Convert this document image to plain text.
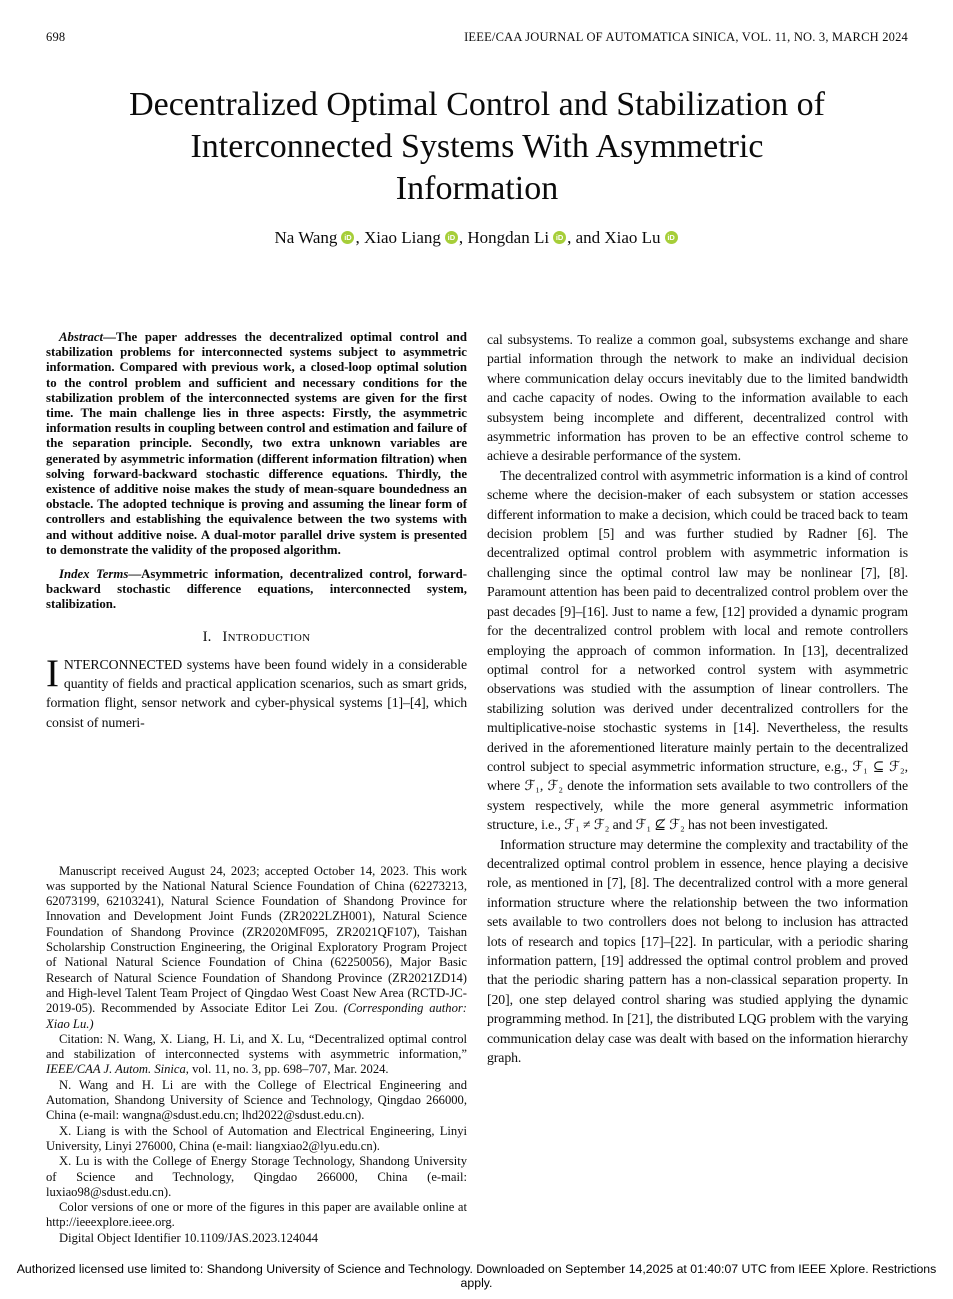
698	IEEE/CAA JOURNAL OF AUTOMATICA SINICA, VOL. 11, NO. 3, MARCH 2024
Decentralized Optimal Control and Stabilization of
Interconnected Systems With Asymmetric
Information
Na Wang iD , Xiao Liang iD , Hongdan Li iD , and Xiao Lu iD

Abstract—The paper addresses the decentralized optimal control and stabilization problems for interconnected systems subject to asymmetric information. Compared with previous work, a closed-loop optimal solution to the control problem and sufficient and necessary conditions for the stabilization problem of the interconnected systems are given for the first time. The main challenge lies in three aspects: Firstly, the asymmetric information results in coupling between control and estimation and failure of the separation principle. Secondly, two extra unknown variables are generated by asymmetric information (different information filtration) when solving forward-backward stochastic difference equations. Thirdly, the existence of additive noise makes the study of mean-square boundedness an obstacle. The adopted technique is proving and assuming the linear form of controllers and establishing the equivalence between the two systems with and without additive noise. A dual-motor parallel drive system is presented to demonstrate the validity of the proposed algorithm.

Index Terms—Asymmetric information, decentralized control, forward-backward stochastic difference equations, interconnected system, stalibization.

I. Introduction

INTERCONNECTED systems have been found widely in a considerable quantity of fields and practical application scenarios, such as smart grids, formation flight, sensor network and cyber-physical systems [1]–[4], which consist of numeri-

Manuscript received August 24, 2023; accepted October 14, 2023. This work was supported by the National Natural Science Foundation of China (62273213, 62073199, 62103241), Natural Science Foundation of Shandong Province for Innovation and Development Joint Funds (ZR2022LZH001), Natural Science Foundation of Shandong Province (ZR2020MF095, ZR2021QF107), Taishan Scholarship Construction Engineering, the Original Exploratory Program Project of National Natural Science Foundation of China (62250056), Major Basic Research of Natural Science Foundation of Shandong Province (ZR2021ZD14) and High-level Talent Team Project of Qingdao West Coast New Area (RCTD-JC-2019-05). Recommended by Associate Editor Lei Zou. (Corresponding author: Xiao Lu.)

Citation: N. Wang, X. Liang, H. Li, and X. Lu, “Decentralized optimal control and stabilization of interconnected systems with asymmetric information,” IEEE/CAA J. Autom. Sinica, vol. 11, no. 3, pp. 698–707, Mar. 2024.

N. Wang and H. Li are with the College of Electrical Engineering and Automation, Shandong University of Science and Technology, Qingdao 266000, China (e-mail: wangna@sdust.edu.cn; lhd2022@sdust.edu.cn).

X. Liang is with the School of Automation and Electrical Engineering, Linyi University, Linyi 276000, China (e-mail: liangxiao2@lyu.edu.cn).

X. Lu is with the College of Energy Storage Technology, Shandong University of Science and Technology, Qingdao 266000, China (e-mail: luxiao98@sdust.edu.cn).

Color versions of one or more of the figures in this paper are available online at http://ieeexplore.ieee.org.

Digital Object Identifier 10.1109/JAS.2023.124044

cal subsystems. To realize a common goal, subsystems exchange and share partial information through the network to make an individual decision where communication delay occurs inevitably due to the limited bandwidth and cache capacity of nodes. Owing to the information available to each subsystem being incomplete and different, decentralized control with asymmetric information has proven to be an effective control scheme to achieve a desirable performance of the system.

The decentralized control with asymmetric information is a kind of control scheme where the decision-maker of each subsystem or station accesses different information to make a decision, which could be traced back to team decision problem [5] and was further studied by Radner [6]. The decentralized optimal control problem with asymmetric information is challenging since the optimal control law may be nonlinear [7], [8]. Paramount attention has been paid to decentralized control problem over the past decades [9]–[16]. Just to name a few, [12] provided a dynamic program for the decentralized control problem with local and remote controllers employing the approach of common information. In [13], decentralized optimal control for a networked control system with asymmetric observations was studied with the assumption of linear controllers. The stabilizing solution was derived under decentralized controllers for the multiplicative-noise stochastic systems in [14]. Nevertheless, the results derived in the aforementioned literature mainly pertain to the decentralized control subject to special asymmetric information structure, e.g., ℱ₁ ⊆ ℱ₂, where ℱ₁, ℱ₂ denote the information sets available to two controllers of the system respectively, while the more general asymmetric information structure, i.e., ℱ₁ ≠ ℱ₂ and ℱ₁ ⊈ ℱ₂ has not been investigated.

Information structure may determine the complexity and tractability of the decentralized optimal control problem in essence, hence playing a decisive role, as mentioned in [7], [8]. The decentralized control with a more general information structure where the relationship between the two information sets available to two controllers does not belong to inclusion has attracted lots of research and topics [17]–[22]. In particular, with a periodic sharing information pattern, [19] addressed the optimal control problem and proved that the periodic sharing pattern has a non-classical separation property. In [20], one step delayed control sharing was studied applying the dynamic programming method. In [21], the distributed LQG problem with the varying communication delay case was dealt with based on the information hierarchy graph.

Authorized licensed use limited to: Shandong University of Science and Technology. Downloaded on September 14,2025 at 01:40:07 UTC from IEEE Xplore. Restrictions apply.
